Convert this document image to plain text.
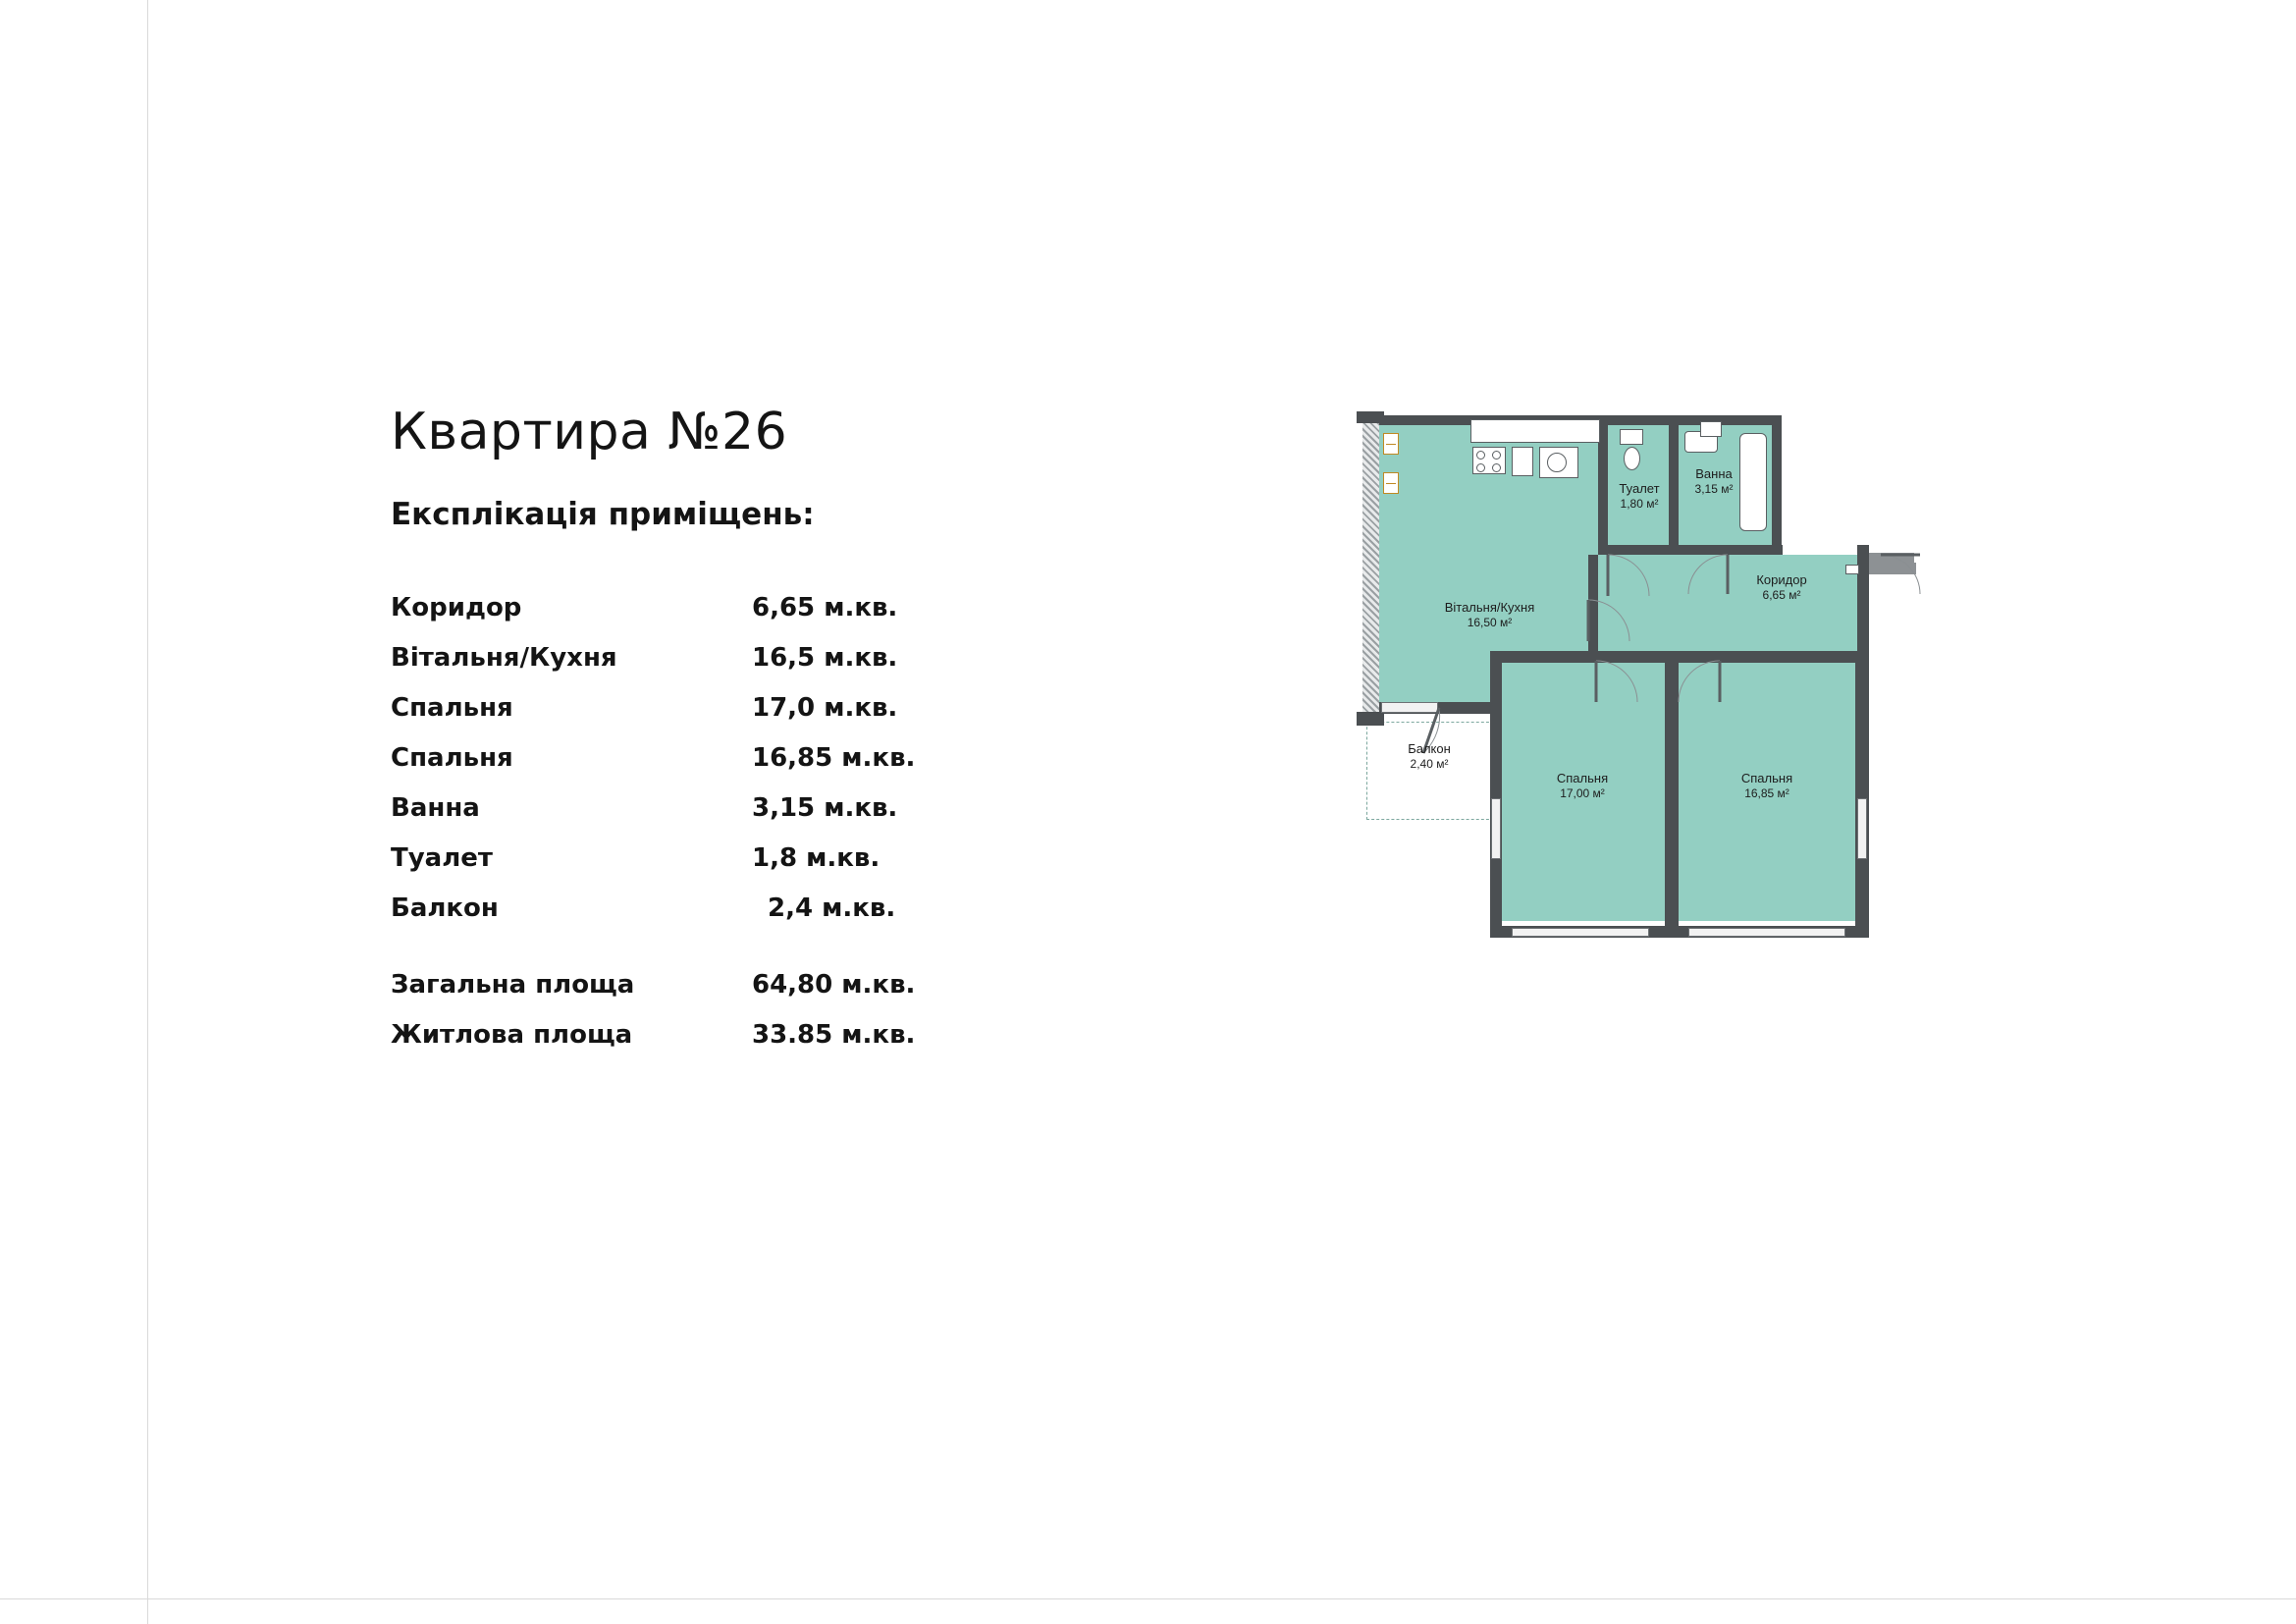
Квартира №26
Експлікація приміщень:
Коридор	6,65 м.кв.
Вітальня/Кухня	16,5 м.кв.
Спальня	17,0 м.кв.
Спальня	16,85 м.кв.
Ванна	3,15 м.кв.
Туалет	1,8 м.кв.
Балкон	2,4 м.кв.
Загальна площа	64,80 м.кв.
Житлова площа	33.85 м.кв.
Вітальня/Кухня
16,50 м²
Туалет
1,80 м²
Ванна
3,15 м²
Коридор
6,65 м²
Спальня
17,00 м²
Спальня
16,85 м²
Балкон
2,40 м²
